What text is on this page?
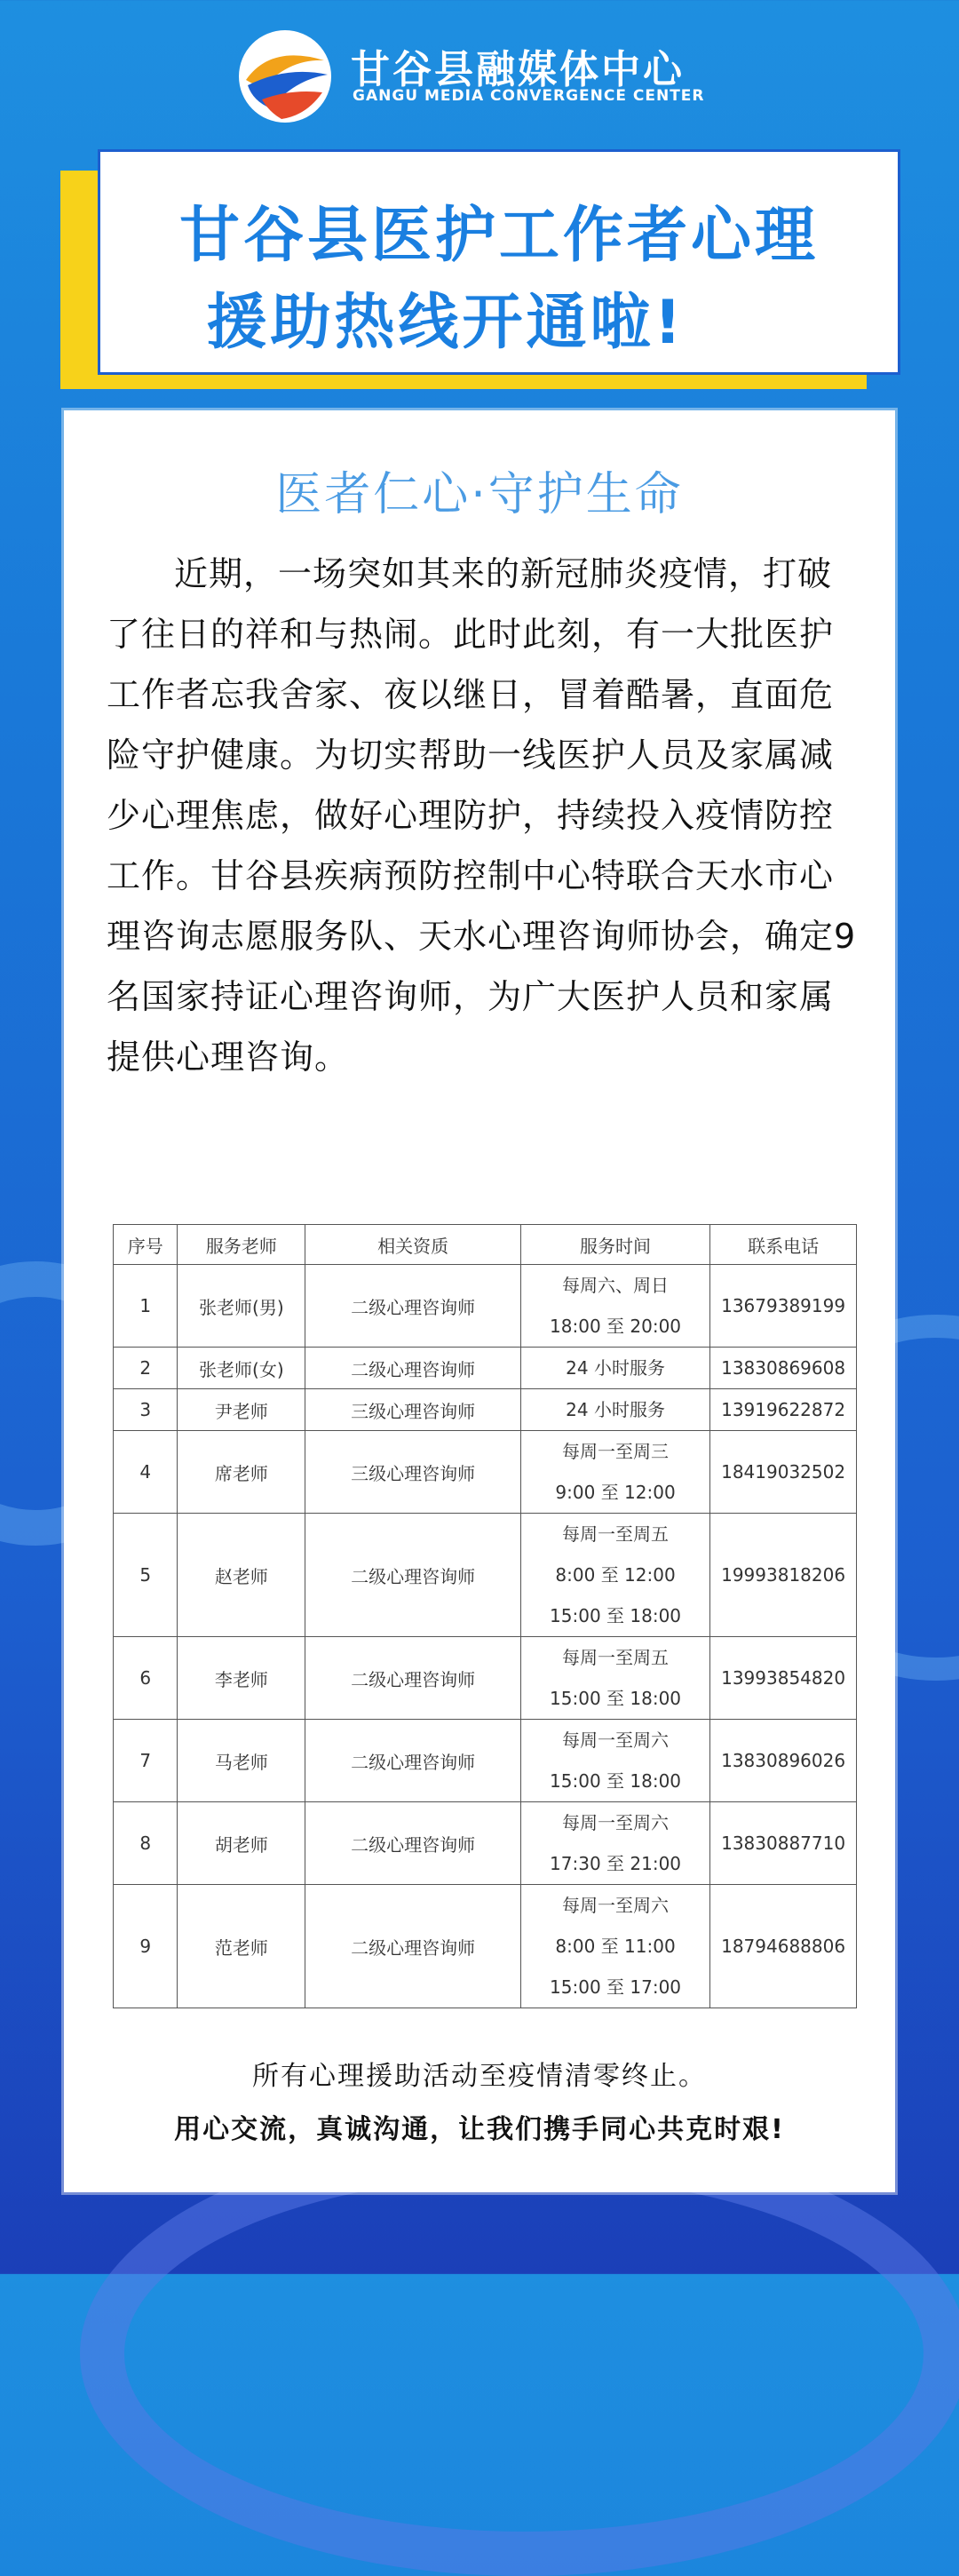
甘谷县融媒体中心
GANGU MEDIA CONVERGENCE CENTER
甘谷县医护工作者心理
援助热线开通啦!
医者仁心·守护生命
近期，一场突如其来的新冠肺炎疫情，打破了往日的祥和与热闹。此时此刻，有一大批医护工作者忘我舍家、夜以继日，冒着酷暑，直面危险守护健康。为切实帮助一线医护人员及家属减少心理焦虑，做好心理防护，持续投入疫情防控工作。甘谷县疾病预防控制中心特联合天水市心理咨询志愿服务队、天水心理咨询师协会，确定9名国家持证心理咨询师，为广大医护人员和家属提供心理咨询。
序号	服务老师	相关资质	服务时间	联系电话
1	张老师(男)	二级心理咨询师	每周六、周日
18:00 至 20:00	13679389199
2	张老师(女)	二级心理咨询师	24 小时服务	13830869608
3	尹老师	三级心理咨询师	24 小时服务	13919622872
4	席老师	三级心理咨询师	每周一至周三
9:00 至 12:00	18419032502
5	赵老师	二级心理咨询师	每周一至周五
8:00 至 12:00
15:00 至 18:00	19993818206
6	李老师	二级心理咨询师	每周一至周五
15:00 至 18:00	13993854820
7	马老师	二级心理咨询师	每周一至周六
15:00 至 18:00	13830896026
8	胡老师	二级心理咨询师	每周一至周六
17:30 至 21:00	13830887710
9	范老师	二级心理咨询师	每周一至周六
8:00 至 11:00
15:00 至 17:00	18794688806
所有心理援助活动至疫情清零终止。
用心交流，真诚沟通，让我们携手同心共克时艰!
